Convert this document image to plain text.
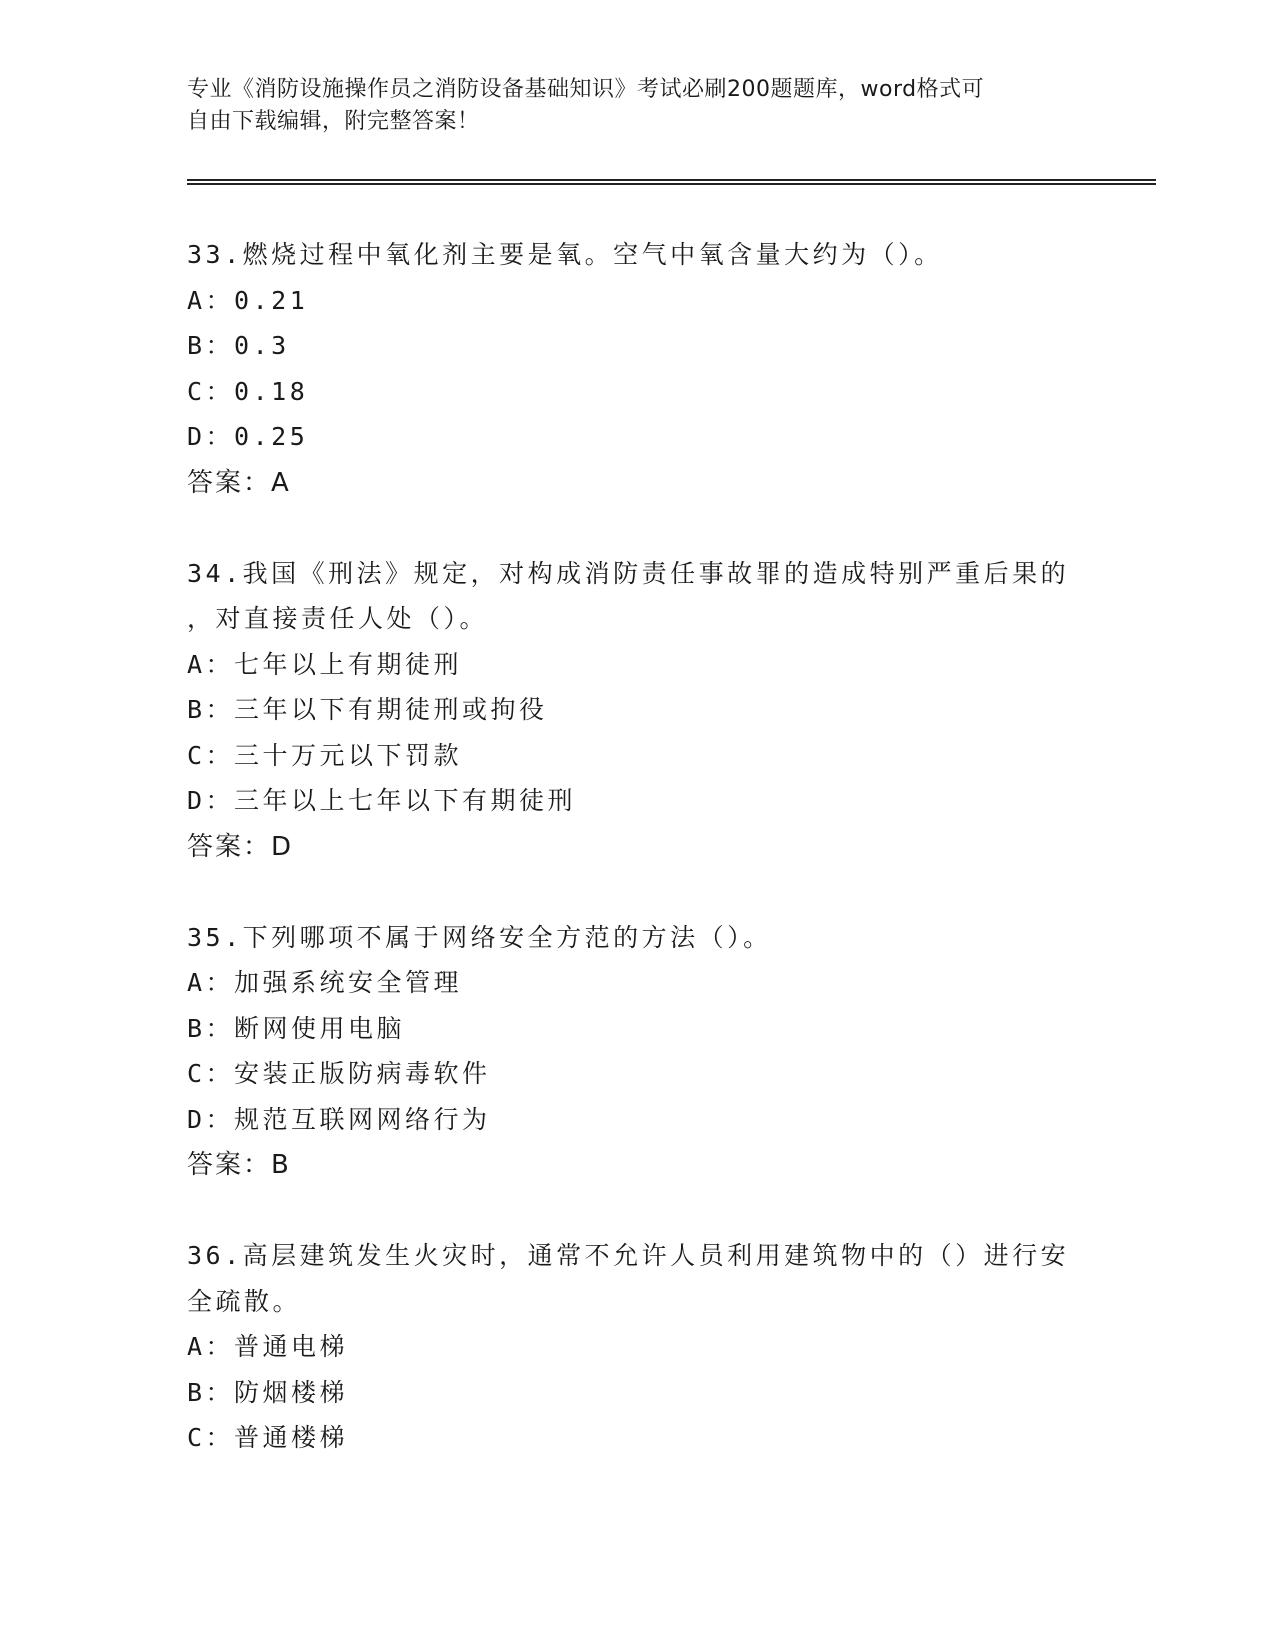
专业《消防设施操作员之消防设备基础知识》考试必刷200题题库，word格式可
自由下载编辑，附完整答案！
33.燃烧过程中氧化剂主要是氧。空气中氧含量大约为（）。
A：0.21
B：0.3
C：0.18
D：0.25
答案：A
34.我国《刑法》规定，对构成消防责任事故罪的造成特别严重后果的
，对直接责任人处（）。
A：七年以上有期徒刑
B：三年以下有期徒刑或拘役
C：三十万元以下罚款
D：三年以上七年以下有期徒刑
答案：D
35.下列哪项不属于网络安全方范的方法（）。
A：加强系统安全管理
B：断网使用电脑
C：安装正版防病毒软件
D：规范互联网网络行为
答案：B
36.高层建筑发生火灾时，通常不允许人员利用建筑物中的（）进行安
全疏散。
A：普通电梯
B：防烟楼梯
C：普通楼梯
